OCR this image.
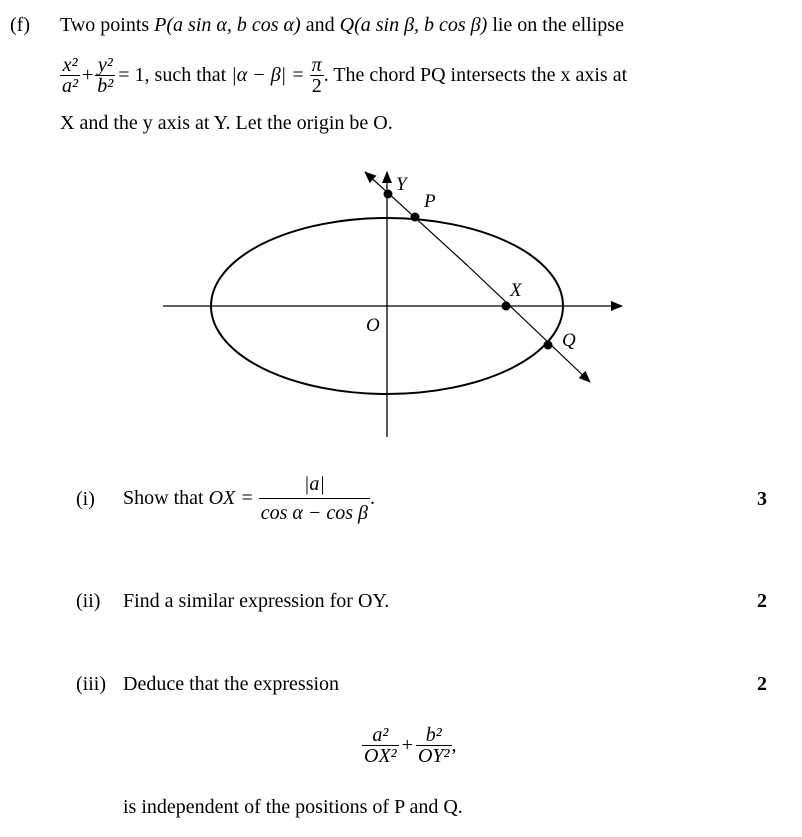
(f) Two points P(a sin α, b cos α) and Q(a sin β, b cos β) lie on the ellipse
$\frac{\text{x²}}{\text{a²}} + \frac{\text{y²}}{\text{b²}} = 1$, such that $|\alpha - \beta| = \frac{\pi}{2}$ . The chord PQ intersects the x axis at
X and the y axis at Y. Let the origin be O.
Y
P
X
O
Q
(i) Show that OX = $\frac{|a|}{\text{cos α − cos β}}$ .	3
(ii) Find a similar expression for OY.	2
(iii) Deduce that the expression	2
$\frac{\text{a²}}{\text{OX²}} + \frac{\text{b²}}{\text{OY²}}$ ,
is independent of the positions of P and Q.
